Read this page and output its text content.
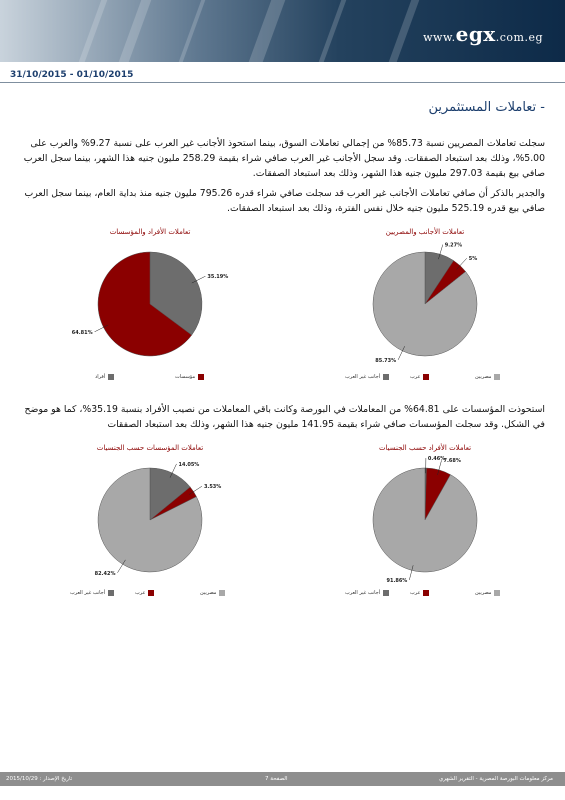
www.egx.com.eg
31/10/2015 - 01/10/2015
- تعاملات المستثمرين
سجلت تعاملات المصريين نسبة 85.73% من إجمالي تعاملات السوق، بينما استحوذ الأجانب غير العرب على نسبة 9.27% والعرب على 5.00%، وذلك بعد استبعاد الصفقات. وقد سجل الأجانب غير العرب صافي شراء بقيمة 258.29 مليون جنيه هذا الشهر، بينما سجل العرب صافي بيع بقيمة 297.03 مليون جنيه هذا الشهر، وذلك بعد استبعاد الصفقات.
والجدير بالذكر أن صافي تعاملات الأجانب غير العرب قد سجلت صافي شراء قدره 795.26 مليون جنيه منذ بداية العام، بينما سجل العرب صافي بيع قدره 525.19 مليون جنيه خلال نفس الفترة، وذلك بعد استبعاد الصفقات.
تعاملات الأجانب والمصريين
9.27%
5%
85.73%
أجانب غير العرب	عرب	مصريين
تعاملات الأفراد والمؤسسات
35.19%
64.81%
أفراد	مؤسسات
استحوذت المؤسسات على 64.81% من المعاملات في البورصة وكانت باقي المعاملات من نصيب الأفراد بنسبة 35.19%، كما هو موضح في الشكل. وقد سجلت المؤسسات صافي شراء بقيمة 141.95 مليون جنيه هذا الشهر، وذلك بعد استبعاد الصفقات
تعاملات الأفراد حسب الجنسيات
0.46%
7.68%
91.86%
أجانب غير العرب	عرب	مصريين
تعاملات المؤسسات حسب الجنسيات
14.05%
3.53%
82.42%
أجانب غير العرب	عرب	مصريين
مركز معلومات البورصة المصرية - التقرير الشهري
الصفحة 7
تاريخ الإصدار : 2015/10/29
